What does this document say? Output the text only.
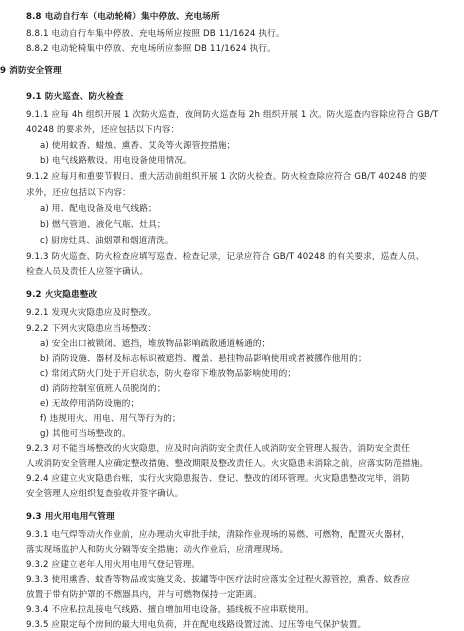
8.8 电动自行车（电动轮椅）集中停放、充电场所
8.8.1 电动自行车集中停放、充电场所应按照 DB 11/1624 执行。
8.8.2 电动轮椅集中停放、充电场所应参照 DB 11/1624 执行。
9 消防安全管理
9.1 防火巡查、防火检查
9.1.1 应每 4h 组织开展 1 次防火巡查，夜间防火巡查每 2h 组织开展 1 次。防火巡查内容除应符合 GB/T
40248 的要求外，还应包括以下内容：
a) 使用蚊香、蜡烛、熏香、艾灸等火源管控措施；
b) 电气线路敷设、用电设备使用情况。
9.1.2 应每月和重要节假日、重大活动前组织开展 1 次防火检查。防火检查除应符合 GB/T 40248 的要
求外，还应包括以下内容：
a) 用、配电设备及电气线路；
b) 燃气管道、液化气瓶、灶具；
c) 厨房灶具、油烟罩和烟道清洗。
9.1.3 防火巡查、防火检查应填写巡查、检查记录，记录应符合 GB/T 40248 的有关要求，巡查人员、
检查人员及责任人应签字确认。
9.2 火灾隐患整改
9.2.1 发现火灾隐患应及时整改。
9.2.2 下列火灾隐患应当场整改：
a) 安全出口被锁闭、遮挡，堆放物品影响疏散通道畅通的；
b) 消防设施、器材及标志标识被遮挡、覆盖、悬挂物品影响使用或者被挪作他用的；
c) 常闭式防火门处于开启状态，防火卷帘下堆放物品影响使用的；
d) 消防控制室值班人员脱岗的；
e) 无故停用消防设施的；
f) 违规用火、用电、用气等行为的；
g) 其他可当场整改的。
9.2.3 对不能当场整改的火灾隐患，应及时向消防安全责任人或消防安全管理人报告，消防安全责任
人或消防安全管理人应确定整改措施、整改期限及整改责任人。火灾隐患未消除之前，应落实防范措施。
9.2.4 应建立火灾隐患台账，实行火灾隐患报告、登记、整改的闭环管理。火灾隐患整改完毕，消防
安全管理人应组织复查验收并签字确认。
9.3 用火用电用气管理
9.3.1 电气焊等动火作业前，应办理动火审批手续，清除作业现场的易燃、可燃物，配置灭火器材，
落实现场监护人和防火分隔等安全措施；动火作业后，应清理现场。
9.3.2 应建立老年人用火用电用气登记管理。
9.3.3 使用熏香、蚊香等物品或实施艾灸、拔罐等中医疗法时应落实全过程火源管控，熏香、蚊香应
放置于带有防护罩的不燃器具内，并与可燃物保持一定距离。
9.3.4 不应私拉乱接电气线路、擅自增加用电设备，插线板不应串联使用。
9.3.5 应限定每个房间的最大用电负荷，并在配电线路设置过流、过压等电气保护装置。
